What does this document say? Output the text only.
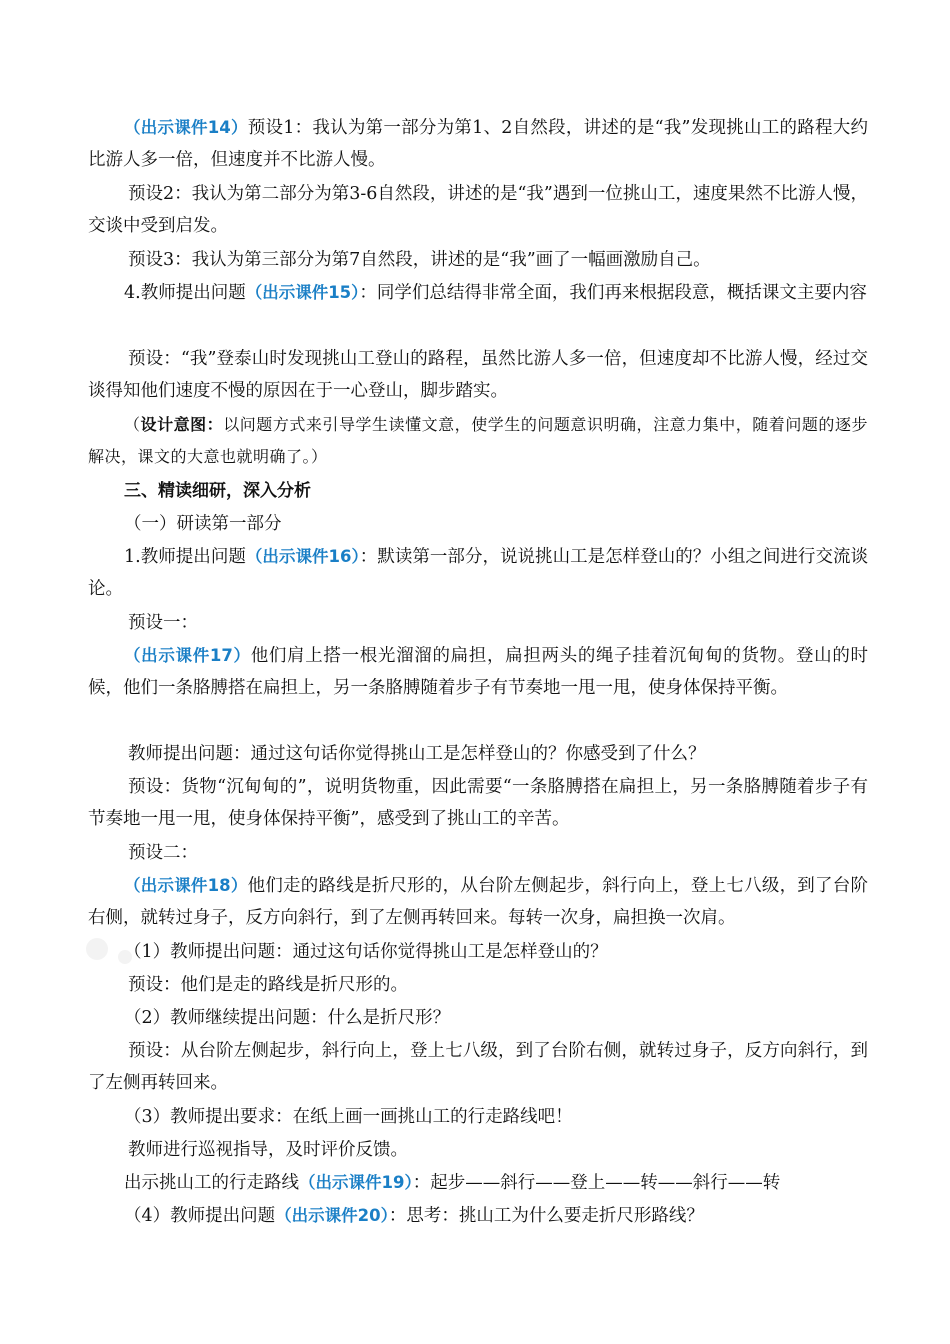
（出示课件14）预设1：我认为第一部分为第1、2自然段，讲述的是“我”发现挑山工的路程大约比游人多一倍，但速度并不比游人慢。

预设2：我认为第二部分为第3-6自然段，讲述的是“我”遇到一位挑山工，速度果然不比游人慢，交谈中受到启发。

预设3：我认为第三部分为第7自然段，讲述的是“我”画了一幅画激励自己。

4.教师提出问题（出示课件15）：同学们总结得非常全面，我们再来根据段意，概括课文主要内容

预设：“我”登泰山时发现挑山工登山的路程，虽然比游人多一倍，但速度却不比游人慢，经过交谈得知他们速度不慢的原因在于一心登山，脚步踏实。

（设计意图：以问题方式来引导学生读懂文意，使学生的问题意识明确，注意力集中，随着问题的逐步解决，课文的大意也就明确了。）

三、精读细研，深入分析

（一）研读第一部分

1.教师提出问题（出示课件16）：默读第一部分，说说挑山工是怎样登山的？小组之间进行交流谈论。

预设一：

（出示课件17）他们肩上搭一根光溜溜的扁担，扁担两头的绳子挂着沉甸甸的货物。登山的时候，他们一条胳膊搭在扁担上，另一条胳膊随着步子有节奏地一甩一甩，使身体保持平衡。

教师提出问题：通过这句话你觉得挑山工是怎样登山的？你感受到了什么？

预设：货物“沉甸甸的”，说明货物重，因此需要“一条胳膊搭在扁担上，另一条胳膊随着步子有节奏地一甩一甩，使身体保持平衡”，感受到了挑山工的辛苦。

预设二：

（出示课件18）他们走的路线是折尺形的，从台阶左侧起步，斜行向上，登上七八级，到了台阶右侧，就转过身子，反方向斜行，到了左侧再转回来。每转一次身，扁担换一次肩。

（1）教师提出问题：通过这句话你觉得挑山工是怎样登山的？

预设：他们是走的路线是折尺形的。

（2）教师继续提出问题：什么是折尺形？

预设：从台阶左侧起步，斜行向上，登上七八级，到了台阶右侧，就转过身子，反方向斜行，到了左侧再转回来。

（3）教师提出要求：在纸上画一画挑山工的行走路线吧！

教师进行巡视指导，及时评价反馈。

出示挑山工的行走路线（出示课件19）：起步——斜行——登上——转——斜行——转

（4）教师提出问题（出示课件20）：思考：挑山工为什么要走折尺形路线？
